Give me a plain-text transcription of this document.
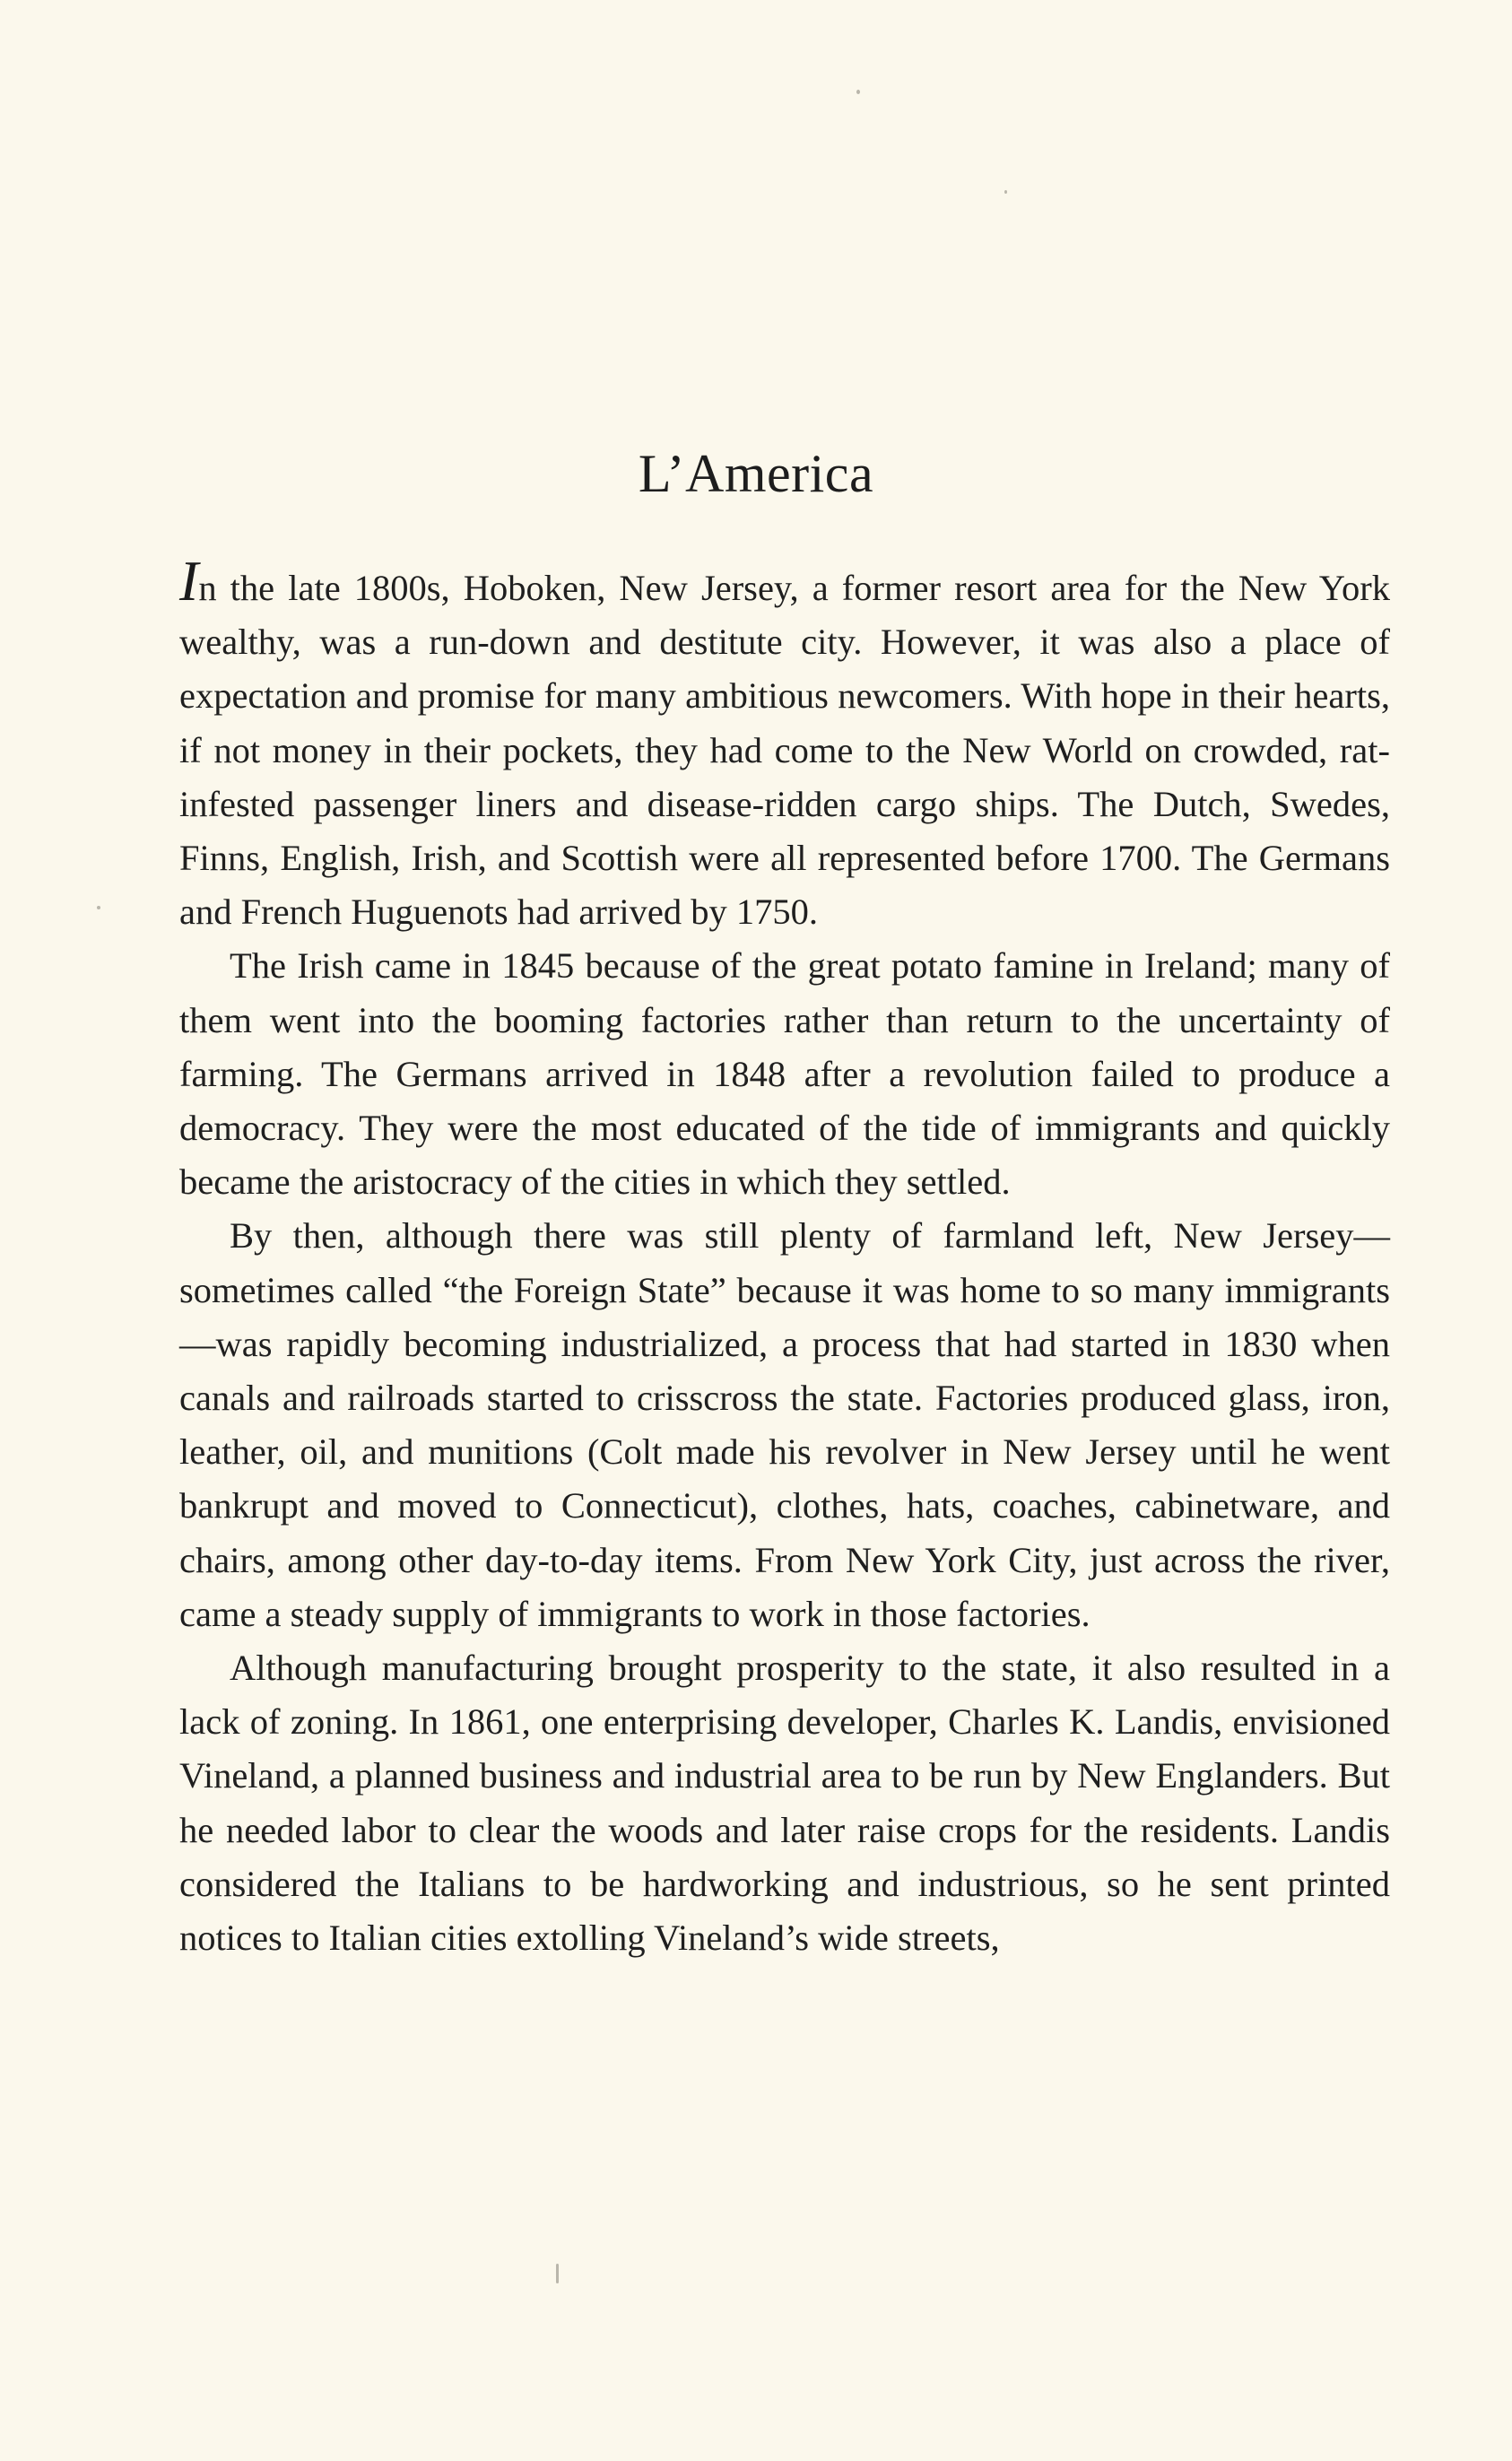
L’America

In the late 1800s, Hoboken, New Jersey, a former resort area for the New York wealthy, was a run-down and destitute city. However, it was also a place of expectation and promise for many ambitious newcomers. With hope in their hearts, if not money in their pockets, they had come to the New World on crowded, rat-infested passenger liners and disease-ridden cargo ships. The Dutch, Swedes, Finns, English, Irish, and Scottish were all represented before 1700. The Germans and French Huguenots had arrived by 1750.

The Irish came in 1845 because of the great potato famine in Ireland; many of them went into the booming factories rather than return to the uncertainty of farming. The Germans arrived in 1848 after a revolution failed to produce a democracy. They were the most educated of the tide of immigrants and quickly became the aristocracy of the cities in which they settled.

By then, although there was still plenty of farmland left, New Jersey—sometimes called “the Foreign State” because it was home to so many immigrants—was rapidly becoming industrialized, a process that had started in 1830 when canals and railroads started to crisscross the state. Factories produced glass, iron, leather, oil, and munitions (Colt made his revolver in New Jersey until he went bankrupt and moved to Connecticut), clothes, hats, coaches, cabinetware, and chairs, among other day-to-day items. From New York City, just across the river, came a steady supply of immigrants to work in those factories.

Although manufacturing brought prosperity to the state, it also resulted in a lack of zoning. In 1861, one enterprising developer, Charles K. Landis, envisioned Vineland, a planned business and industrial area to be run by New Englanders. But he needed labor to clear the woods and later raise crops for the residents. Landis considered the Italians to be hardworking and industrious, so he sent printed notices to Italian cities extolling Vineland’s wide streets,
